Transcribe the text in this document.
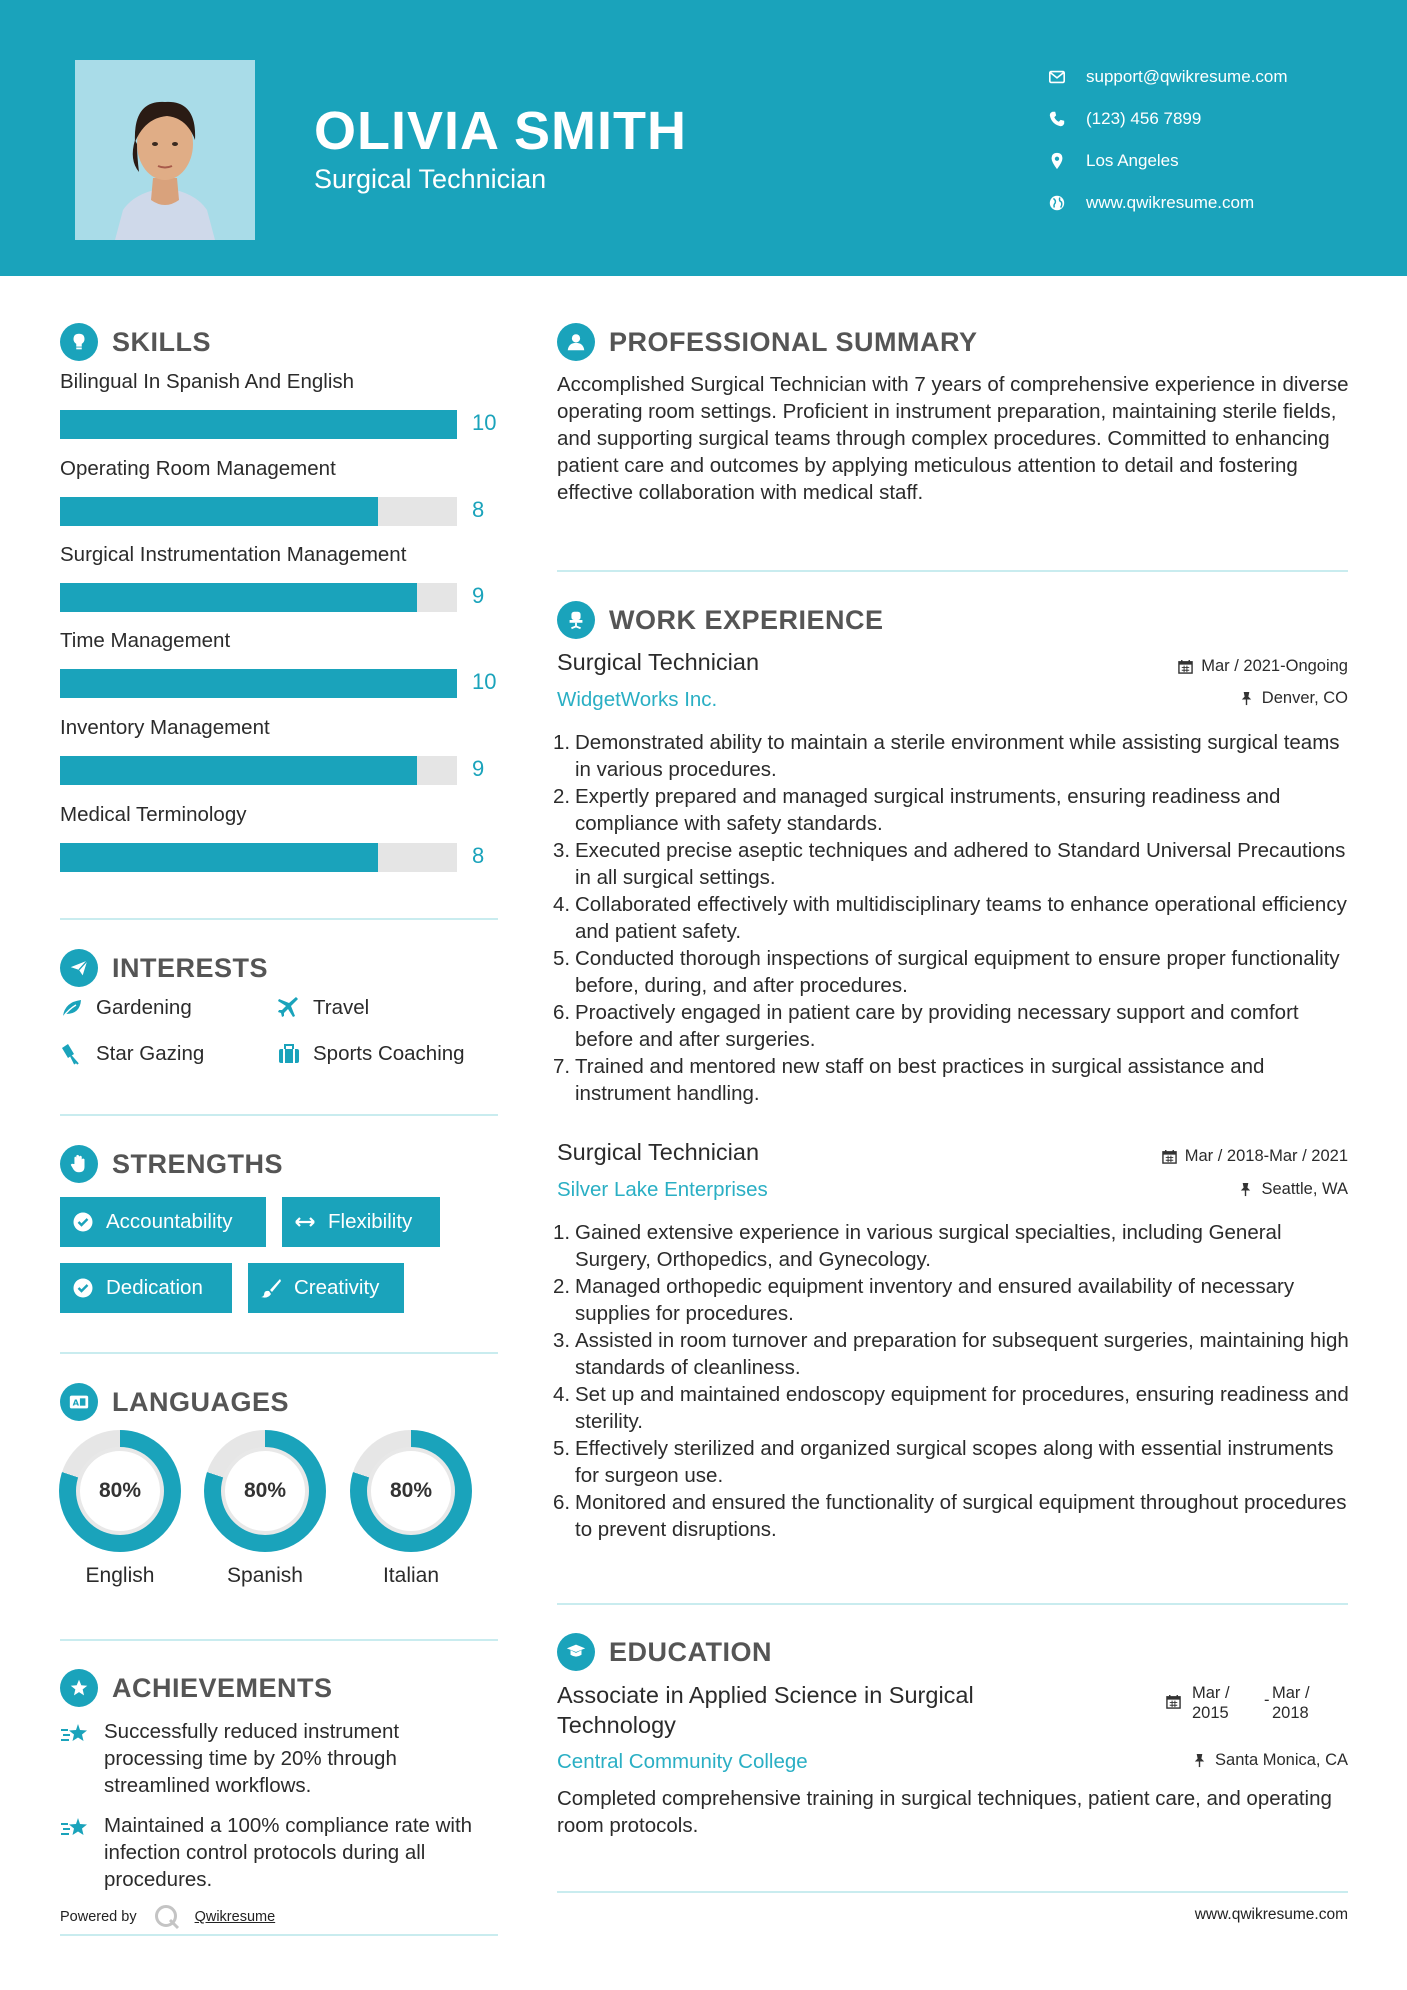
OLIVIA SMITH
Surgical Technician
support@qwikresume.com
(123) 456 7899
Los Angeles
www.qwikresume.com
SKILLS
Bilingual In Spanish And English
10
Operating Room Management
8
Surgical Instrumentation Management
9
Time Management
10
Inventory Management
9
Medical Terminology
8
INTERESTS
Gardening	Travel
Star Gazing	Sports Coaching
STRENGTHS
Accountability	Flexibility
Dedication	Creativity
A LANGUAGES
80%
English
80%
Spanish
80%
Italian
ACHIEVEMENTS
Successfully reduced instrument processing time by 20% through streamlined workflows.
Maintained a 100% compliance rate with infection control protocols during all procedures.
Powered by	Qwikresume
PROFESSIONAL SUMMARY
Accomplished Surgical Technician with 7 years of comprehensive experience in diverse operating room settings. Proficient in instrument preparation, maintaining sterile fields, and supporting surgical teams through complex procedures. Committed to enhancing patient care and outcomes by applying meticulous attention to detail and fostering effective collaboration with medical staff.
WORK EXPERIENCE
Surgical Technician	Mar / 2021-Ongoing
WidgetWorks Inc.	Denver, CO
1. Demonstrated ability to maintain a sterile environment while assisting surgical teams in various procedures.
2. Expertly prepared and managed surgical instruments, ensuring readiness and compliance with safety standards.
3. Executed precise aseptic techniques and adhered to Standard Universal Precautions in all surgical settings.
4. Collaborated effectively with multidisciplinary teams to enhance operational efficiency and patient safety.
5. Conducted thorough inspections of surgical equipment to ensure proper functionality before, during, and after procedures.
6. Proactively engaged in patient care by providing necessary support and comfort before and after surgeries.
7. Trained and mentored new staff on best practices in surgical assistance and instrument handling.
Surgical Technician	Mar / 2018-Mar / 2021
Silver Lake Enterprises	Seattle, WA
1. Gained extensive experience in various surgical specialties, including General Surgery, Orthopedics, and Gynecology.
2. Managed orthopedic equipment inventory and ensured availability of necessary supplies for procedures.
3. Assisted in room turnover and preparation for subsequent surgeries, maintaining high standards of cleanliness.
4. Set up and maintained endoscopy equipment for procedures, ensuring readiness and sterility.
5. Effectively sterilized and organized surgical scopes along with essential instruments for surgeon use.
6. Monitored and ensured the functionality of surgical equipment throughout procedures to prevent disruptions.
EDUCATION
Associate in Applied Science in Surgical Technology
Mar / 2015
- Mar / 2018
Central Community College	Santa Monica, CA
Completed comprehensive training in surgical techniques, patient care, and operating room protocols.
www.qwikresume.com
